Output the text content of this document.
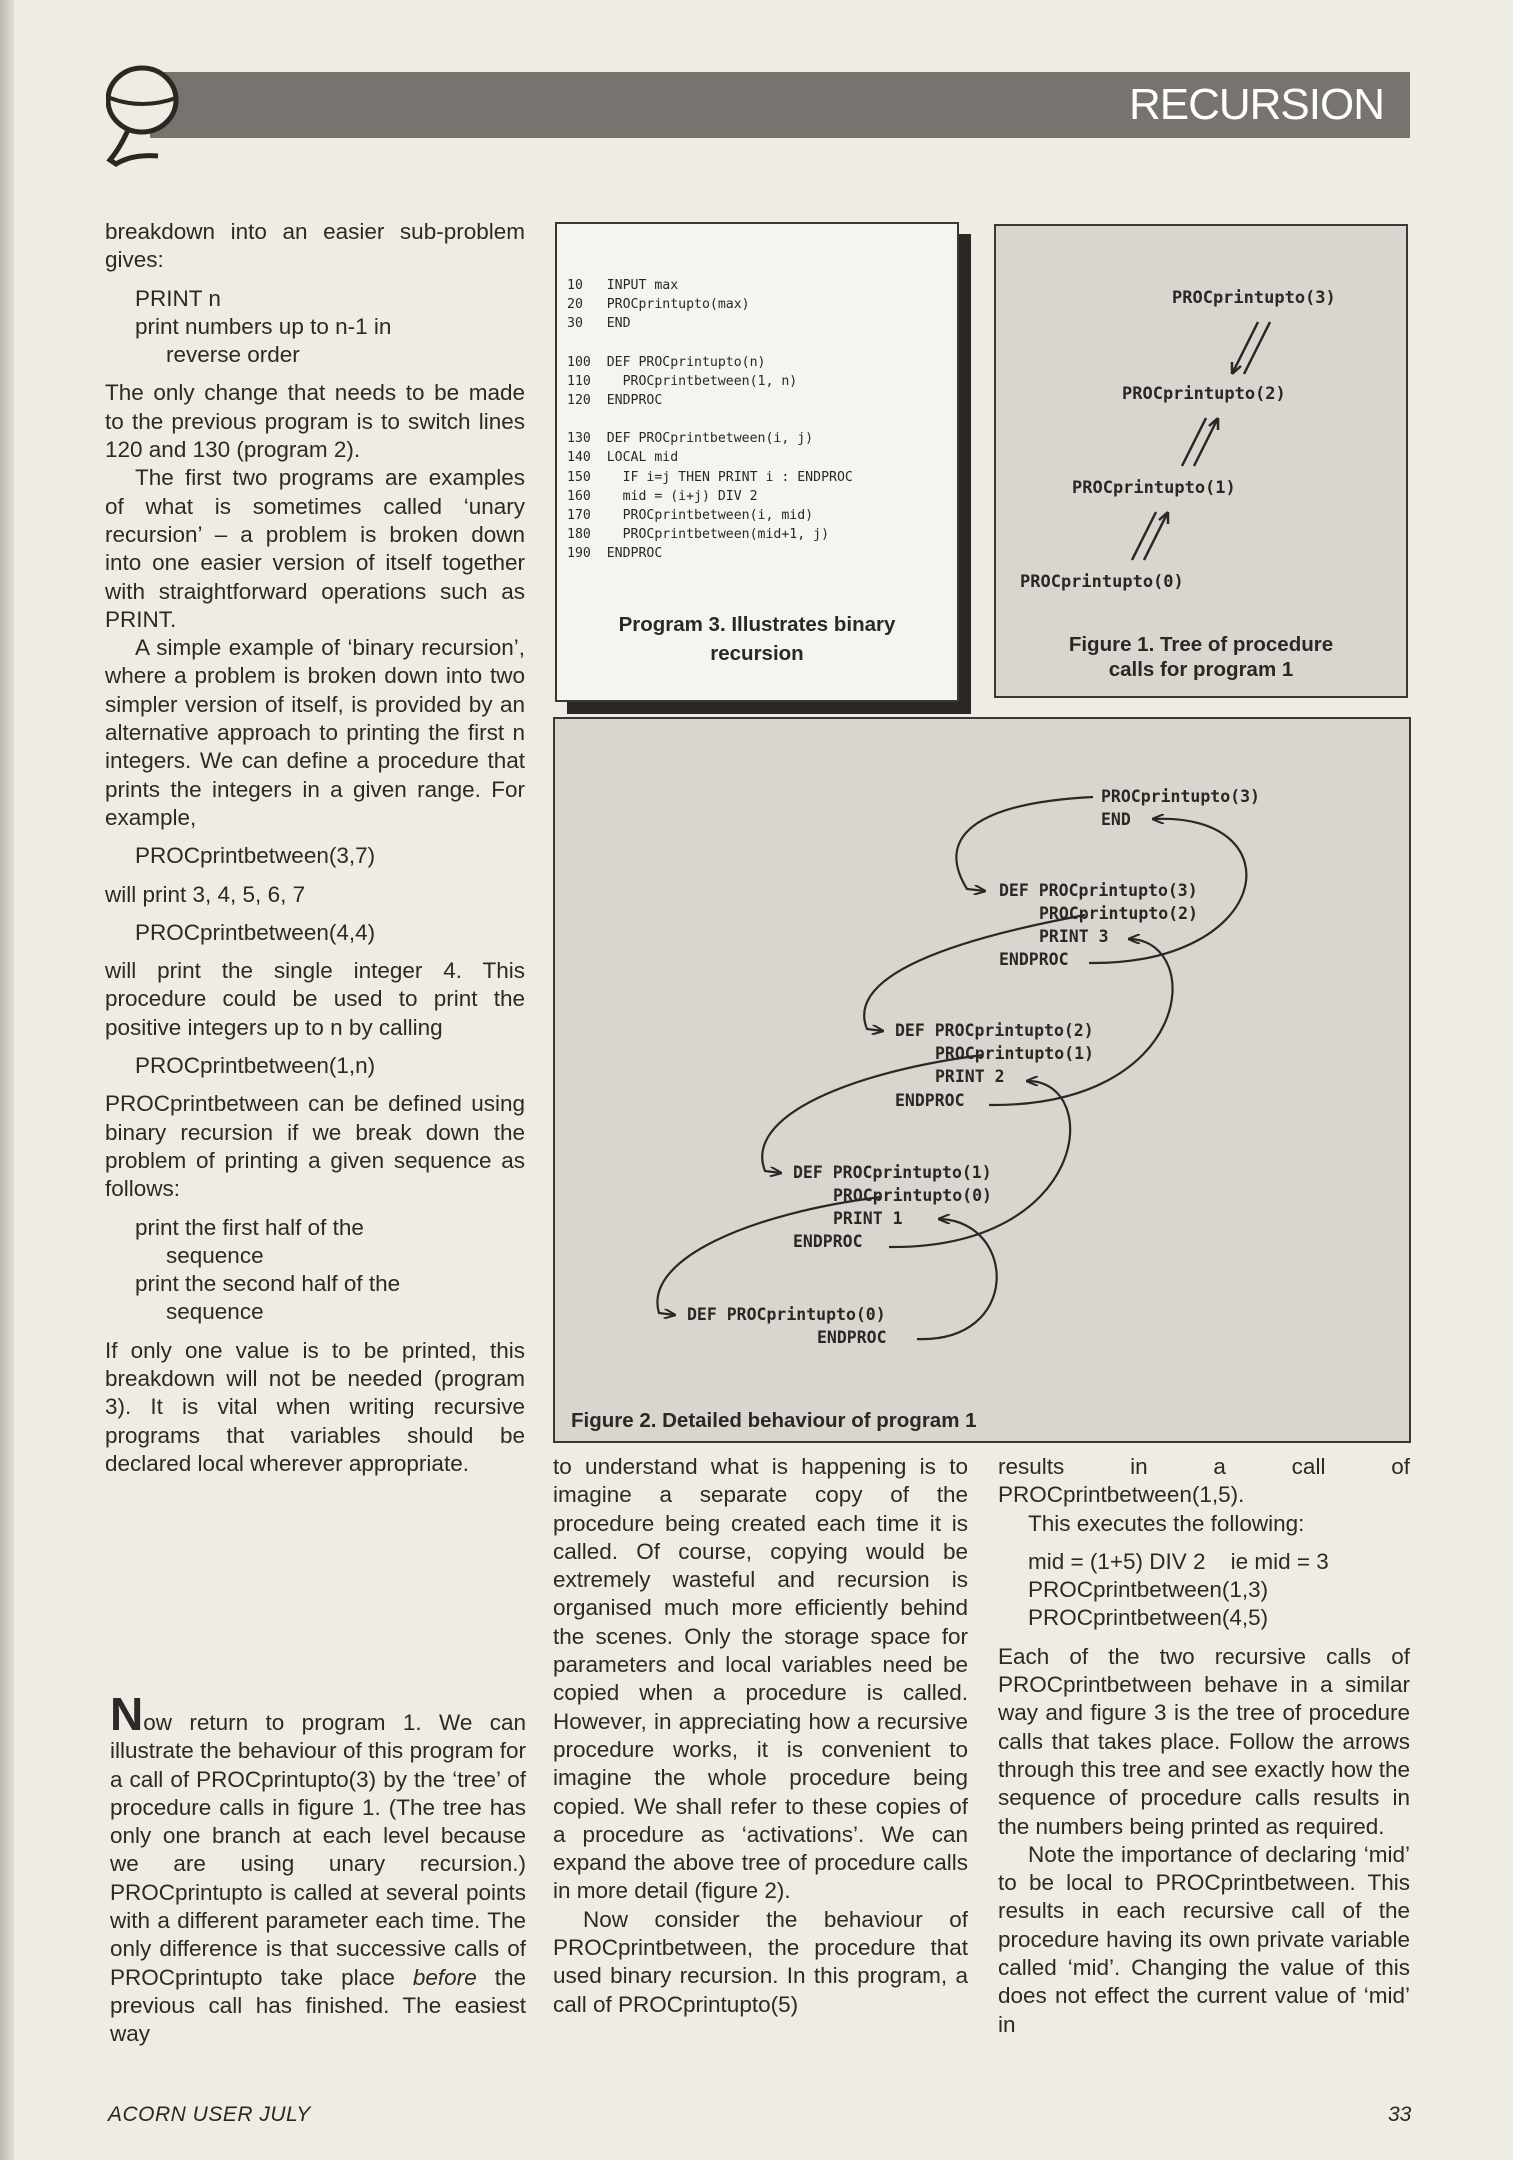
RECURSION

breakdown into an easier sub-problem gives:

PRINT n

print numbers up to n-1 in

reverse order

The only change that needs to be made to the previous program is to switch lines 120 and 130 (program 2).

The first two programs are examples of what is sometimes called ‘unary recursion’ – a problem is broken down into one easier version of itself together with straightforward operations such as PRINT.

A simple example of ‘binary recursion’, where a problem is broken down into two simpler version of itself, is provided by an alternative approach to printing the first n integers. We can define a procedure that prints the integers in a given range. For example,

PROCprintbetween(3,7)

will print 3, 4, 5, 6, 7

PROCprintbetween(4,4)

will print the single integer 4. This procedure could be used to print the positive integers up to n by calling

PROCprintbetween(1,n)

PROCprintbetween can be defined using binary recursion if we break down the problem of printing a given sequence as follows:

print the first half of the

sequence

print the second half of the

sequence

If only one value is to be printed, this breakdown will not be needed (program 3). It is vital when writing recursive programs that variables should be declared local wherever appropriate.

Now return to program 1. We can illustrate the behaviour of this program for a call of PROCprintupto(3) by the ‘tree’ of procedure calls in figure 1. (The tree has only one branch at each level because we are using unary recursion.) PROCprintupto is called at several points with a different parameter each time. The only difference is that successive calls of PROCprintupto take place before the previous call has finished. The easiest way

to understand what is happening is to imagine a separate copy of the procedure being created each time it is called. Of course, copying would be extremely wasteful and recursion is organised much more efficiently behind the scenes. Only the storage space for parameters and local variables need be copied when a procedure is called. However, in appreciating how a recursive procedure works, it is convenient to imagine the whole procedure being copied. We shall refer to these copies of a procedure as ‘activations’. We can expand the above tree of procedure calls in more detail (figure 2).

Now consider the behaviour of PROCprintbetween, the procedure that used binary recursion. In this program, a call of PROCprintupto(5)

results in a call of PROCprintbetween(1,5).

This executes the following:

mid = (1+5) DIV 2    ie mid = 3

PROCprintbetween(1,3)

PROCprintbetween(4,5)

Each of the two recursive calls of PROCprintbetween behave in a similar way and figure 3 is the tree of procedure calls that takes place. Follow the arrows through this tree and see exactly how the sequence of procedure calls results in the numbers being printed as required.

Note the importance of declaring ‘mid’ to be local to PROCprintbetween. This results in each recursive call of the procedure having its own private variable called ‘mid’. Changing the value of this does not effect the current value of ‘mid’ in

10   INPUT max
20   PROCprintupto(max)
30   END
100  DEF PROCprintupto(n)
110    PROCprintbetween(1, n)
120  ENDPROC
130  DEF PROCprintbetween(i, j)
140  LOCAL mid
150    IF i=j THEN PRINT i : ENDPROC
160    mid = (i+j) DIV 2
170    PROCprintbetween(i, mid)
180    PROCprintbetween(mid+1, j)
190  ENDPROC
Program 3. Illustrates binary
recursion
PROCprintupto(3)
PROCprintupto(2)
PROCprintupto(1)
PROCprintupto(0)
Figure 1. Tree of procedure
calls for program 1
PROCprintupto(3)
END
DEF PROCprintupto(3)
PROCprintupto(2)
PRINT 3
ENDPROC
DEF PROCprintupto(2)
PROCprintupto(1)
PRINT 2
ENDPROC
DEF PROCprintupto(1)
PROCprintupto(0)
PRINT 1
ENDPROC
DEF PROCprintupto(0)
ENDPROC
Figure 2. Detailed behaviour of program 1
ACORN USER JULY	33
